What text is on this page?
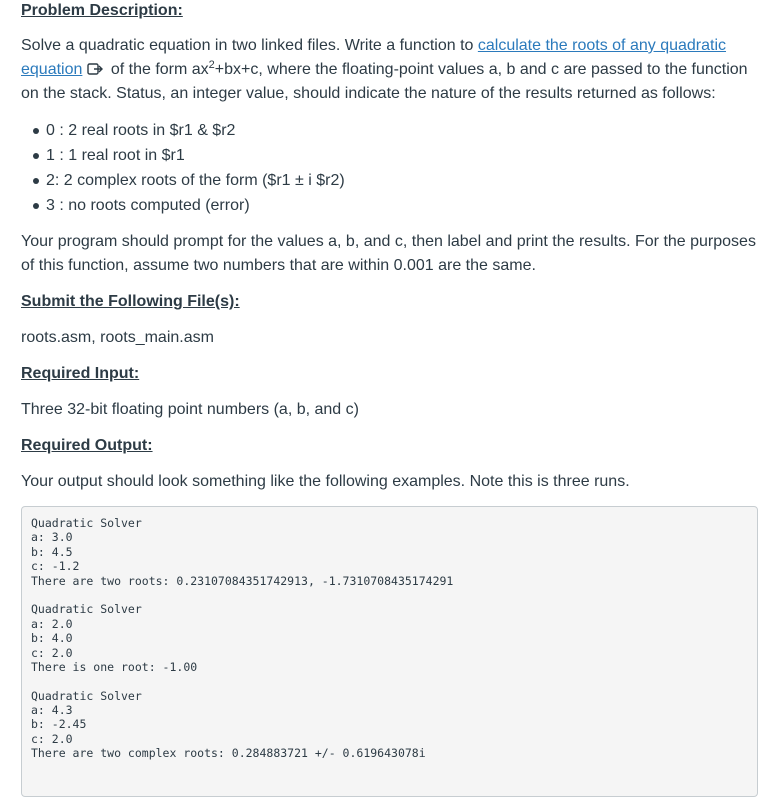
Problem Description:

Solve a quadratic equation in two linked files. Write a function to calculate the roots of any quadratic
equation of the form $ax^2+bx+c$, where the floating-point values a, b and c are passed to the function
on the stack. Status, an integer value, should indicate the nature of the results returned as follows:
0 : 2 real roots in $r1 & $r2
1 : 1 real root in $r1
2: 2 complex roots of the form ($r1 ± i $r2)
3 : no roots computed (error)
Your program should prompt for the values a, b, and c, then label and print the results. For the purposes
of this function, assume two numbers that are within 0.001 are the same.

Submit the Following File(s):

roots.asm, roots_main.asm

Required Input:

Three 32-bit floating point numbers (a, b, and c)

Required Output:

Your output should look something like the following examples. Note this is three runs.

Quadratic Solver
a: 3.0
b: 4.5
c: -1.2
There are two roots: 0.23107084351742913, -1.7310708435174291
Quadratic Solver
a: 2.0
b: 4.0
c: 2.0
There is one root: -1.00
Quadratic Solver
a: 4.3
b: -2.45
c: 2.0
There are two complex roots: 0.284883721 +/- 0.619643078i
